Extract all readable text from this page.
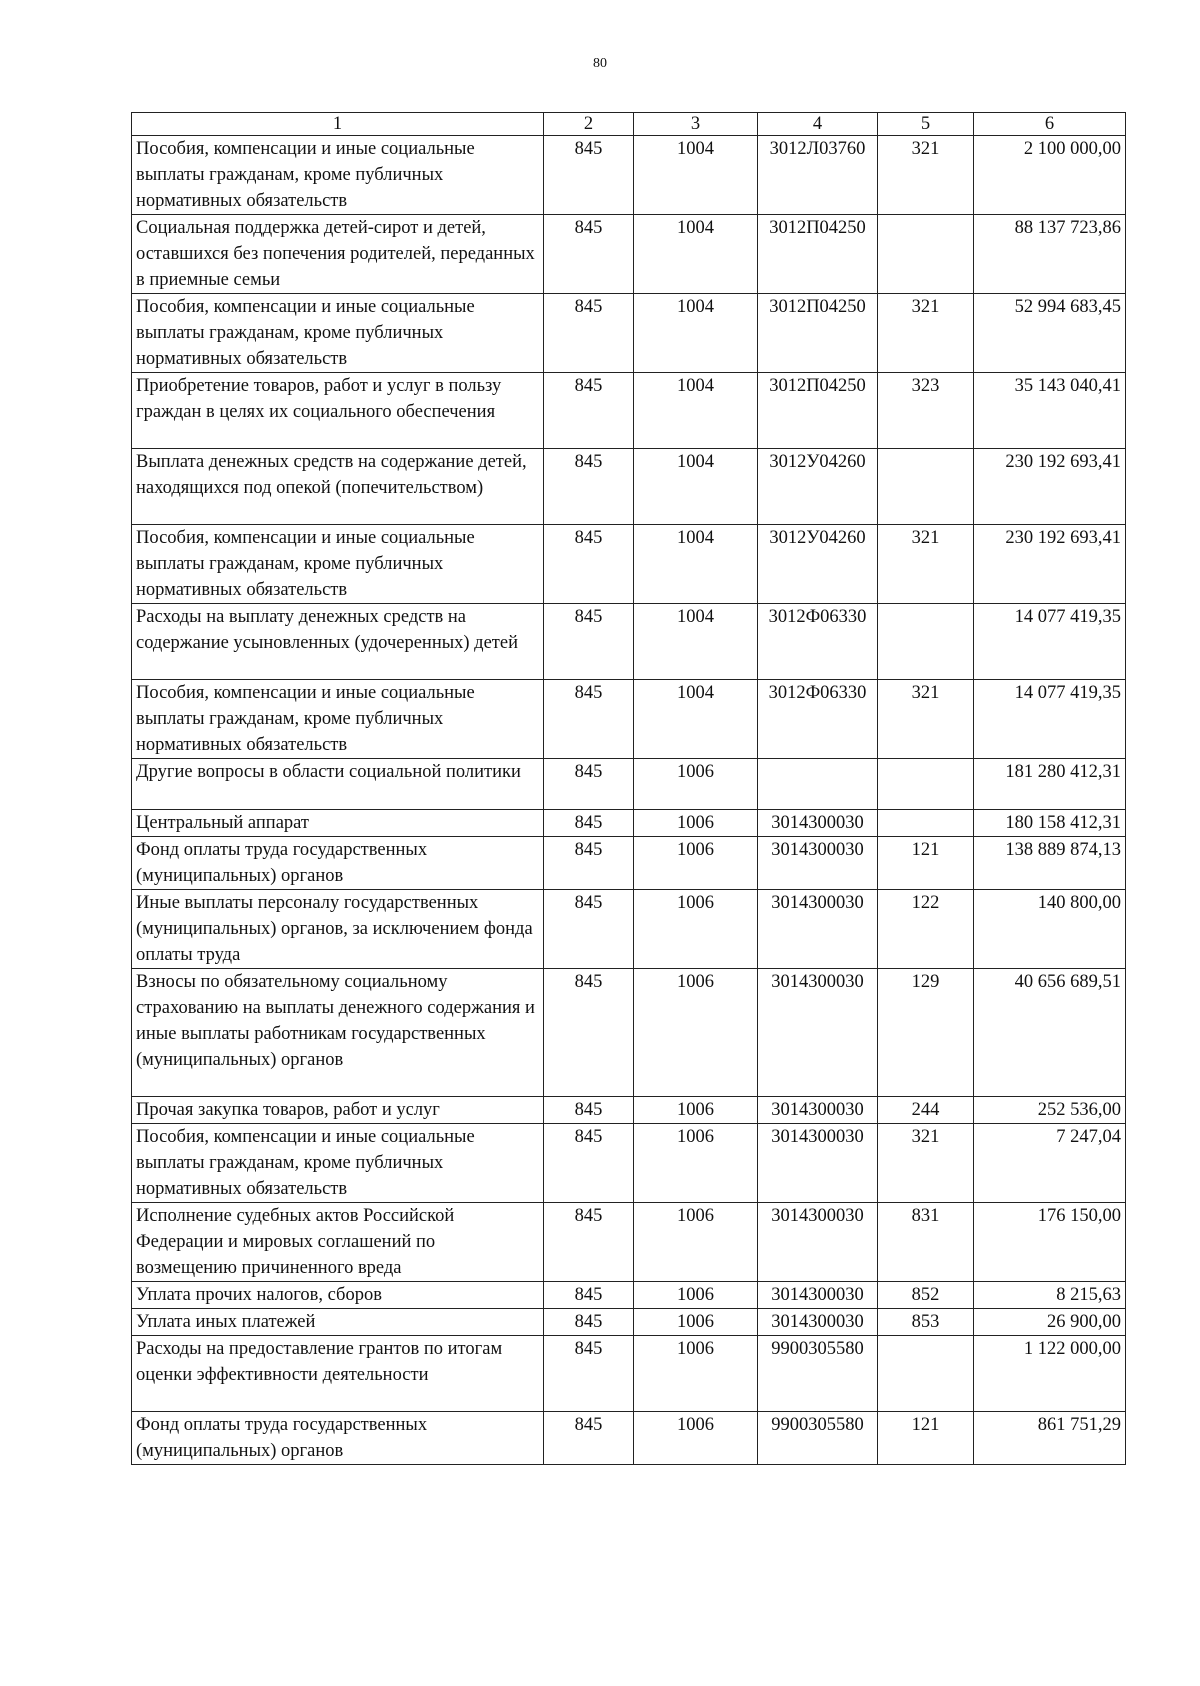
80
1	2	3	4	5	6
Пособия, компенсации и иные социальные выплаты гражданам, кроме публичных нормативных обязательств	845	1004	3012Л03760	321	2 100 000,00
Социальная поддержка детей-сирот и детей, оставшихся без попечения родителей, переданных в приемные семьи	845	1004	3012П04250		88 137 723,86
Пособия, компенсации и иные социальные выплаты гражданам, кроме публичных нормативных обязательств	845	1004	3012П04250	321	52 994 683,45
Приобретение товаров, работ и услуг в пользу граждан в целях их социального обеспечения	845	1004	3012П04250	323	35 143 040,41
Выплата денежных средств на содержание детей, находящихся под опекой (попечительством)	845	1004	3012У04260		230 192 693,41
Пособия, компенсации и иные социальные выплаты гражданам, кроме публичных нормативных обязательств	845	1004	3012У04260	321	230 192 693,41
Расходы на выплату денежных средств на содержание усыновленных (удочеренных) детей	845	1004	3012Ф06330		14 077 419,35
Пособия, компенсации и иные социальные выплаты гражданам, кроме публичных нормативных обязательств	845	1004	3012Ф06330	321	14 077 419,35
Другие вопросы в области социальной политики	845	1006			181 280 412,31
Центральный аппарат	845	1006	3014300030		180 158 412,31
Фонд оплаты труда государственных (муниципальных) органов	845	1006	3014300030	121	138 889 874,13
Иные выплаты персоналу государственных (муниципальных) органов, за исключением фонда оплаты труда	845	1006	3014300030	122	140 800,00
Взносы по обязательному социальному страхованию на выплаты денежного содержания и иные выплаты работникам государственных (муниципальных) органов	845	1006	3014300030	129	40 656 689,51
Прочая закупка товаров, работ и услуг	845	1006	3014300030	244	252 536,00
Пособия, компенсации и иные социальные выплаты гражданам, кроме публичных нормативных обязательств	845	1006	3014300030	321	7 247,04
Исполнение судебных актов Российской Федерации и мировых соглашений по возмещению причиненного вреда	845	1006	3014300030	831	176 150,00
Уплата прочих налогов, сборов	845	1006	3014300030	852	8 215,63
Уплата иных платежей	845	1006	3014300030	853	26 900,00
Расходы на предоставление грантов по итогам оценки эффективности деятельности	845	1006	9900305580		1 122 000,00
Фонд оплаты труда государственных (муниципальных) органов	845	1006	9900305580	121	861 751,29
